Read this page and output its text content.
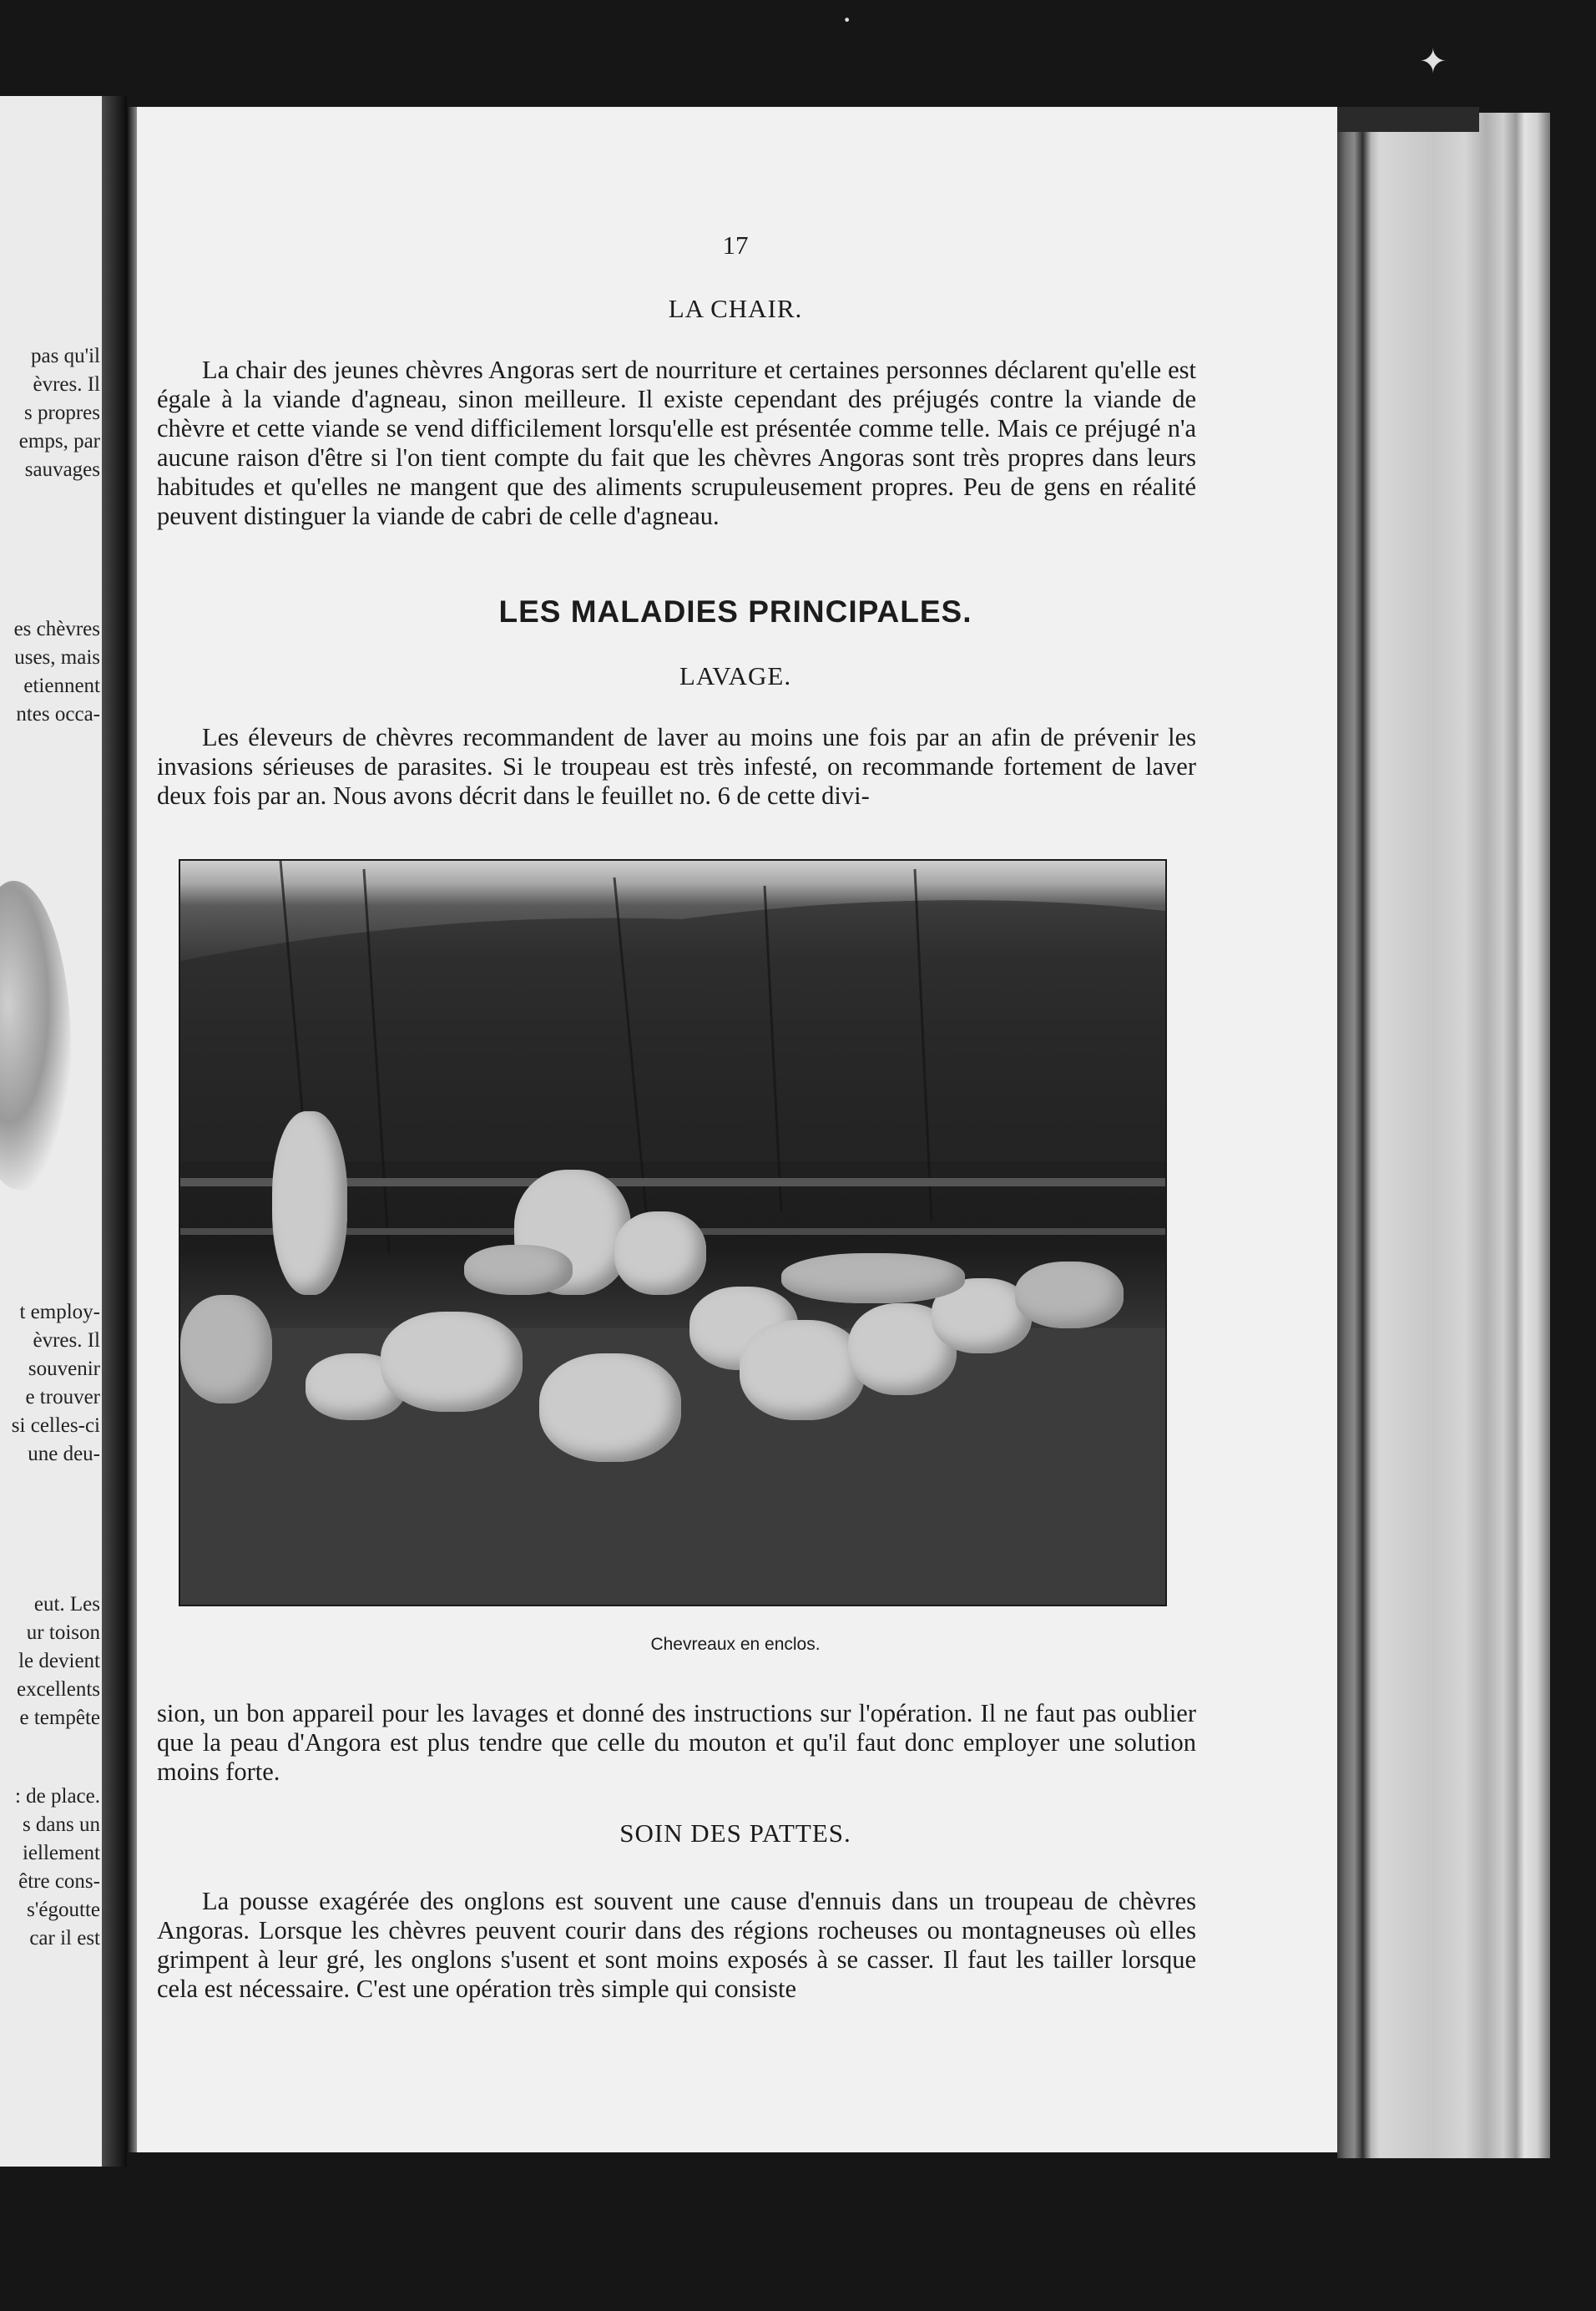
·
✦
pas qu'il
èvres. Il
s propres
emps, par
sauvages
es chèvres
uses, mais
etiennent
ntes occa-
t employ-
èvres. Il
souvenir
e trouver
si celles-ci
une deu-
eut. Les
ur toison
le devient
excellents
e tempête
: de place.
s dans un
iellement
être cons-
s'égoutte
car il est
17
LA CHAIR.

La chair des jeunes chèvres Angoras sert de nourriture et certaines personnes déclarent qu'elle est égale à la viande d'agneau, sinon meilleure. Il existe cependant des préjugés contre la viande de chèvre et cette viande se vend difficilement lorsqu'elle est présentée comme telle. Mais ce préjugé n'a aucune raison d'être si l'on tient compte du fait que les chèvres Angoras sont très propres dans leurs habitudes et qu'elles ne mangent que des aliments scrupuleusement propres. Peu de gens en réalité peuvent distinguer la viande de cabri de celle d'agneau.

LES MALADIES PRINCIPALES.
LAVAGE.

Les éleveurs de chèvres recommandent de laver au moins une fois par an afin de prévenir les invasions sérieuses de parasites. Si le troupeau est très infesté, on recommande fortement de laver deux fois par an. Nous avons décrit dans le feuillet no. 6 de cette divi-

Chevreaux en enclos.

sion, un bon appareil pour les lavages et donné des instructions sur l'opération. Il ne faut pas oublier que la peau d'Angora est plus tendre que celle du mouton et qu'il faut donc employer une solution moins forte.

SOIN DES PATTES.

La pousse exagérée des onglons est souvent une cause d'ennuis dans un troupeau de chèvres Angoras. Lorsque les chèvres peuvent courir dans des régions rocheuses ou montagneuses où elles grimpent à leur gré, les onglons s'usent et sont moins exposés à se casser. Il faut les tailler lorsque cela est nécessaire. C'est une opération très simple qui consiste
